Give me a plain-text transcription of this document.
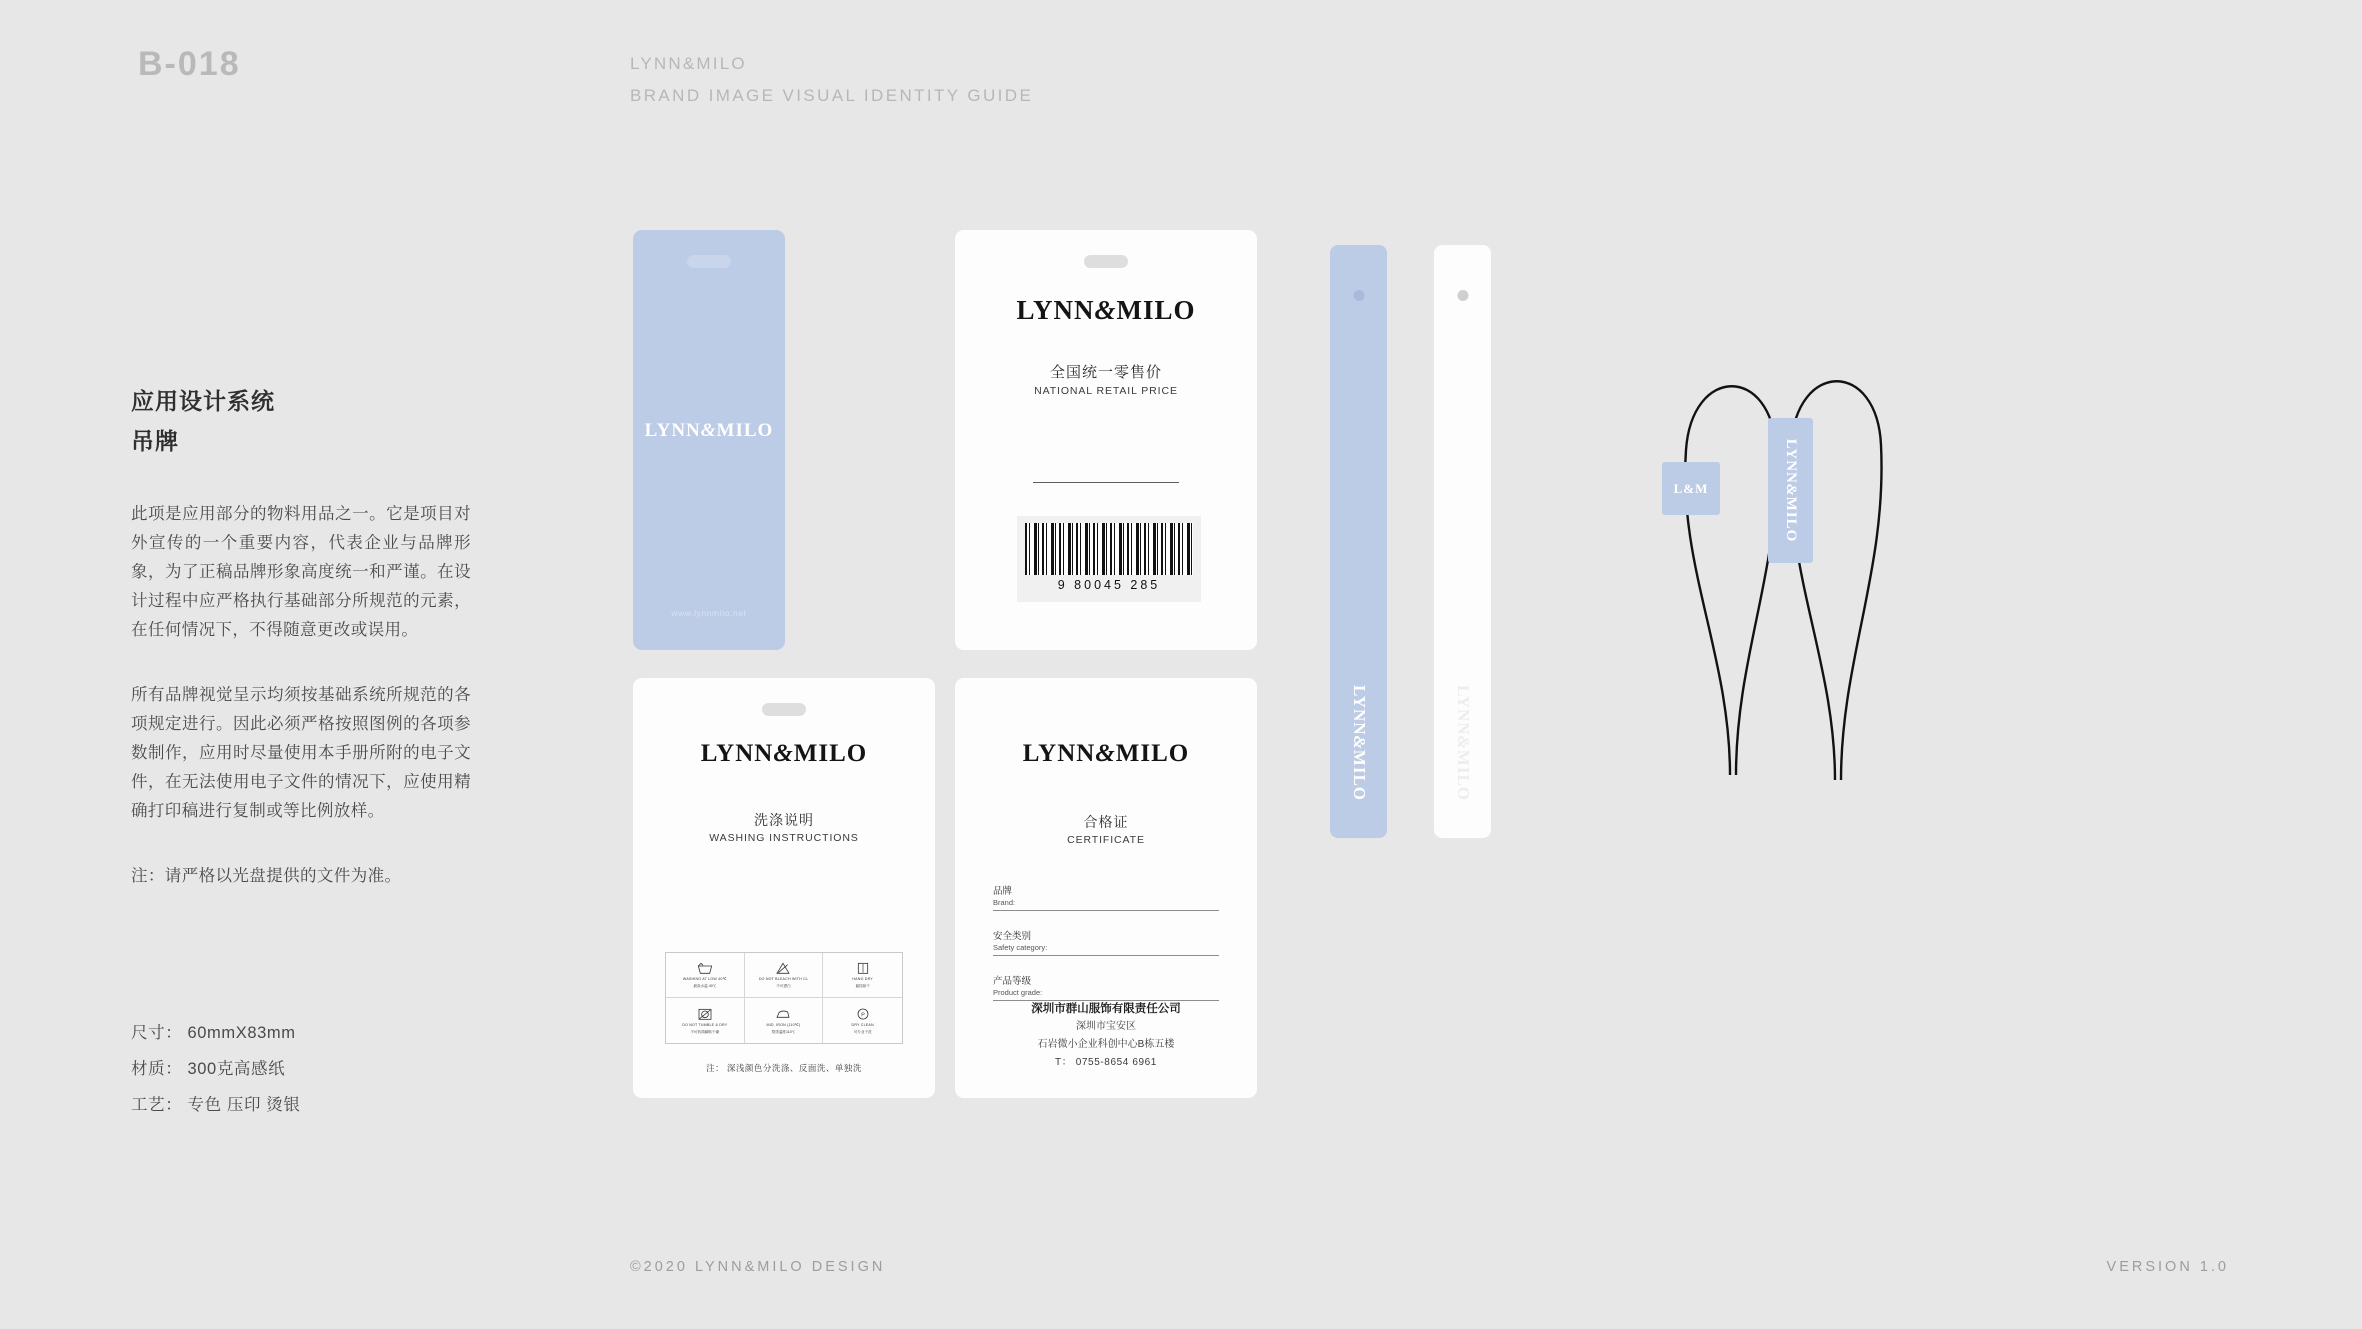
B-018	LYNN&MILO
BRAND IMAGE VISUAL IDENTITY GUIDE
应用设计系统
吊牌

此项是应用部分的物料用品之一。它是项目对外宣传的一个重要内容，代表企业与品牌形象，为了正稿品牌形象高度统一和严谨。在设计过程中应严格执行基础部分所规范的元素，在任何情况下，不得随意更改或误用。

所有品牌视觉呈示均须按基础系统所规范的各项规定进行。因此必须严格按照图例的各项参数制作，应用时尽量使用本手册所附的电子文件，在无法使用电子文件的情况下，应使用精确打印稿进行复制或等比例放样。

注：请严格以光盘提供的文件为准。

尺寸： 60mmX83mm
材质： 300克高感纸
工艺： 专色 压印 烫银
LYNN&MILO
www.lynnmilo.net
LYNN&MILO
全国统一零售价
NATIONAL RETAIL PRICE
9 80045 285
LYNN&MILO
洗涤说明
WASHING INSTRUCTIONS
WASHING AT LOW 40℃
最高水温 40℃
DO NOT BLEACH WITH CL
不可漂白
HANG DRY
悬挂晾干
DO NOT TUMBLE & DRY
不可转筒翻转干燥
MID. IRON (110℃)
熨烫温度110℃
P
DRY CLEAN
可专业干洗
注： 深浅颜色分洗涤、反面洗、单独洗
LYNN&MILO
合格证
CERTIFICATE
品牌
Brand:
安全类别
Safety category:
产品等级
Product grade:
深圳市群山服饰有限责任公司
深圳市宝安区
石岩微小企业科创中心B栋五楼
T： 0755-8654 6961
LYNN&MILO
LYNN&MILO
L&M
LYNN&MILO
©2020 LYNN&MILO DESIGN	VERSION 1.0
